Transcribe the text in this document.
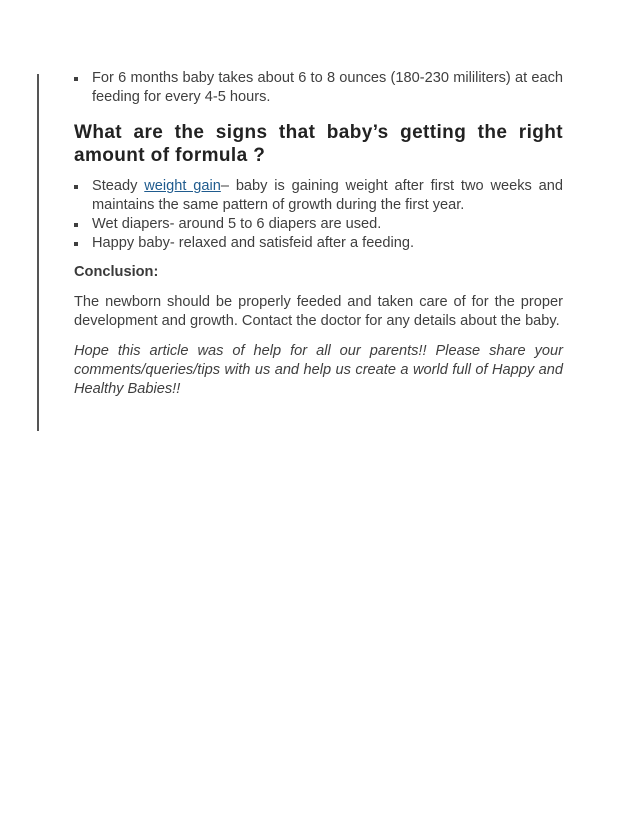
For 6 months baby takes about 6 to 8 ounces (180-230 mililiters) at each feeding for every 4-5 hours.
What are the signs that baby’s getting the right amount of formula ?
Steady weight gain– baby is gaining weight after first two weeks and maintains the same pattern of growth during the first year.
Wet diapers- around 5 to 6 diapers are used.
Happy baby- relaxed and satisfeid after a feeding.

Conclusion:

The newborn should be properly feeded and taken care of for the proper development and growth. Contact the doctor for any details about the baby.

Hope this article was of help for all our parents!! Please share your comments/queries/tips with us and help us create a world full of Happy and Healthy Babies!!
